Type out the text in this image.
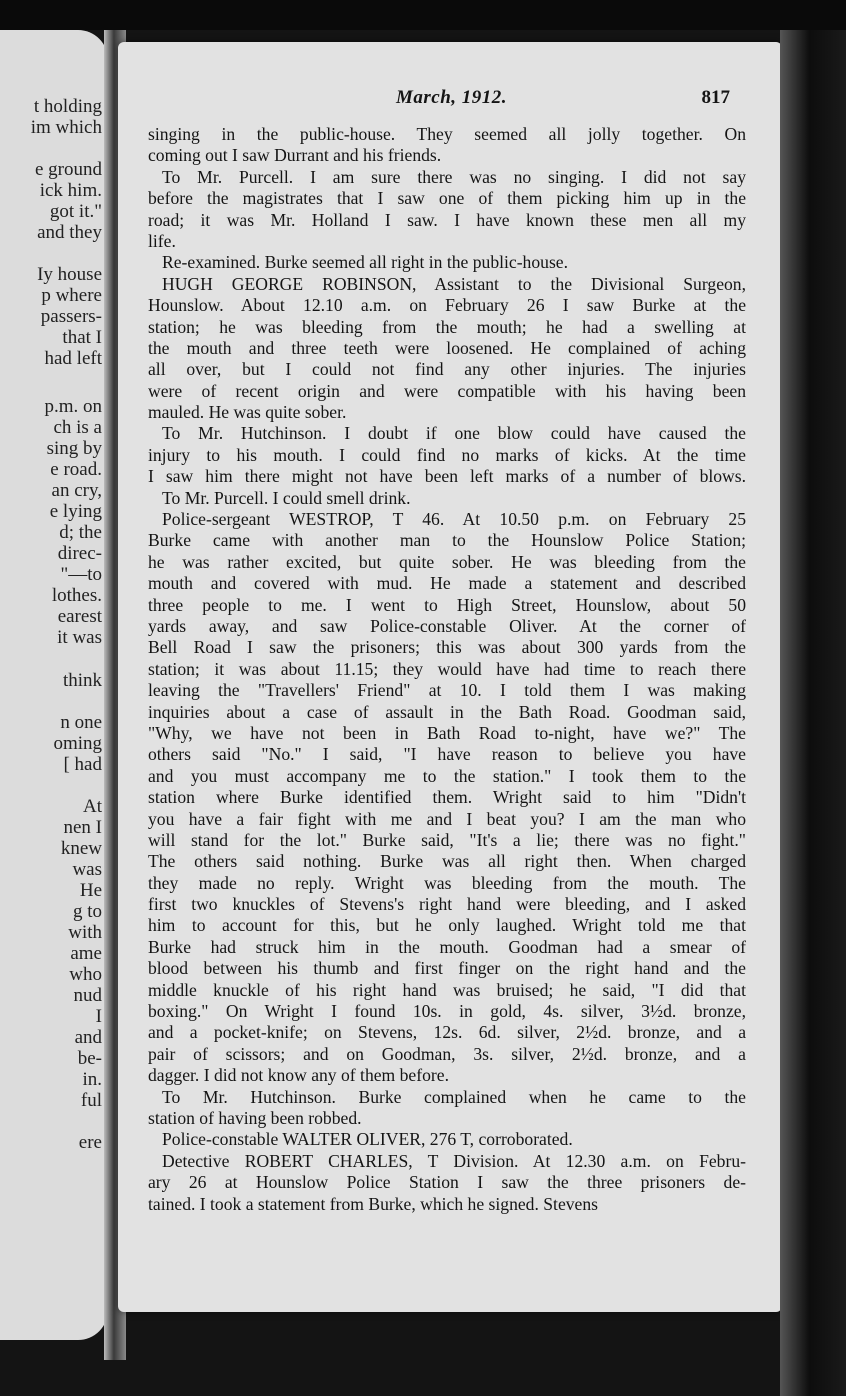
t holding
im which
e ground
ick him.
got it."
and they
Iy house
p where
passers-
that I
had left
p.m. on
ch is a
sing by
e road.
an cry,
e lying
d; the
direc-
"—to
lothes.
earest
it was
think
n one
oming
[ had
At
nen I
knew
was
He
g to
with
ame
who
nud
I
and
be-
in.
ful
ere
March, 1912.	817
singing in the public-house. They seemed all jolly together. On
coming out I saw Durrant and his friends.
To Mr. Purcell. I am sure there was no singing. I did not say
before the magistrates that I saw one of them picking him up in the
road; it was Mr. Holland I saw. I have known these men all my
life.
Re-examined. Burke seemed all right in the public-house.
HUGH GEORGE ROBINSON, Assistant to the Divisional Surgeon,
Hounslow. About 12.10 a.m. on February 26 I saw Burke at the
station; he was bleeding from the mouth; he had a swelling at
the mouth and three teeth were loosened. He complained of aching
all over, but I could not find any other injuries. The injuries
were of recent origin and were compatible with his having been
mauled. He was quite sober.
To Mr. Hutchinson. I doubt if one blow could have caused the
injury to his mouth. I could find no marks of kicks. At the time
I saw him there might not have been left marks of a number of blows.
To Mr. Purcell. I could smell drink.
Police-sergeant WESTROP, T 46. At 10.50 p.m. on February 25
Burke came with another man to the Hounslow Police Station;
he was rather excited, but quite sober. He was bleeding from the
mouth and covered with mud. He made a statement and described
three people to me. I went to High Street, Hounslow, about 50
yards away, and saw Police-constable Oliver. At the corner of
Bell Road I saw the prisoners; this was about 300 yards from the
station; it was about 11.15; they would have had time to reach there
leaving the "Travellers' Friend" at 10. I told them I was making
inquiries about a case of assault in the Bath Road. Goodman said,
"Why, we have not been in Bath Road to-night, have we?" The
others said "No." I said, "I have reason to believe you have
and you must accompany me to the station." I took them to the
station where Burke identified them. Wright said to him "Didn't
you have a fair fight with me and I beat you? I am the man who
will stand for the lot." Burke said, "It's a lie; there was no fight."
The others said nothing. Burke was all right then. When charged
they made no reply. Wright was bleeding from the mouth. The
first two knuckles of Stevens's right hand were bleeding, and I asked
him to account for this, but he only laughed. Wright told me that
Burke had struck him in the mouth. Goodman had a smear of
blood between his thumb and first finger on the right hand and the
middle knuckle of his right hand was bruised; he said, "I did that
boxing." On Wright I found 10s. in gold, 4s. silver, 3½d. bronze,
and a pocket-knife; on Stevens, 12s. 6d. silver, 2½d. bronze, and a
pair of scissors; and on Goodman, 3s. silver, 2½d. bronze, and a
dagger. I did not know any of them before.
To Mr. Hutchinson. Burke complained when he came to the
station of having been robbed.
Police-constable WALTER OLIVER, 276 T, corroborated.
Detective ROBERT CHARLES, T Division. At 12.30 a.m. on Febru-
ary 26 at Hounslow Police Station I saw the three prisoners de-
tained. I took a statement from Burke, which he signed. Stevens
